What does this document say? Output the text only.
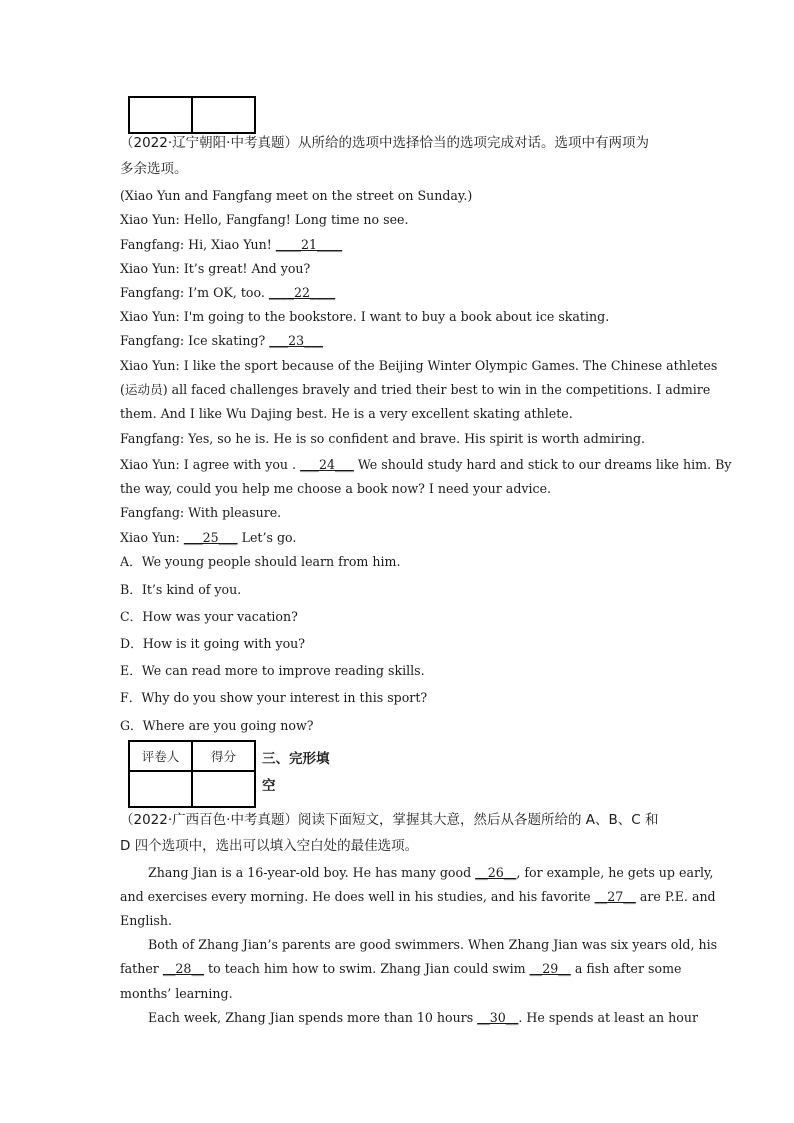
（2022·辽宁朝阳·中考真题）从所给的选项中选择恰当的选项完成对话。选项中有两项为

多余选项。

(Xiao Yun and Fangfang meet on the street on Sunday.)

Xiao Yun: Hello, Fangfang! Long time no see.

Fangfang: Hi, Xiao Yun! ____21____

Xiao Yun: It’s great! And you?

Fangfang: I’m OK, too. ____22____

Xiao Yun: I'm going to the bookstore. I want to buy a book about ice skating.

Fangfang: Ice skating? ___23___

Xiao Yun: I like the sport because of the Beijing Winter Olympic Games. The Chinese athletes

(运动员) all faced challenges bravely and tried their best to win in the competitions. I admire

them. And I like Wu Dajing best. He is a very excellent skating athlete.

Fangfang: Yes, so he is. He is so confident and brave. His spirit is worth admiring.

Xiao Yun: I agree with you . ___24___ We should study hard and stick to our dreams like him. By

the way, could you help me choose a book now? I need your advice.

Fangfang: With pleasure.

Xiao Yun: ___25___ Let’s go.

A．We young people should learn from him.

B．It’s kind of you.

C．How was your vacation?

D．How is it going with you?

E．We can read more to improve reading skills.

F．Why do you show your interest in this sport?

G．Where are you going now?

评卷人	得分
	三、完形填

空

（2022·广西百色·中考真题）阅读下面短文，掌握其大意，然后从各题所给的 A、B、C 和

D 四个选项中，选出可以填入空白处的最佳选项。

Zhang Jian is a 16-year-old boy. He has many good __26__, for example, he gets up early,

and exercises every morning. He does well in his studies, and his favorite __27__ are P.E. and

English.

Both of Zhang Jian’s parents are good swimmers. When Zhang Jian was six years old, his

father __28__ to teach him how to swim. Zhang Jian could swim __29__ a fish after some

months’ learning.

Each week, Zhang Jian spends more than 10 hours __30__. He spends at least an hour
